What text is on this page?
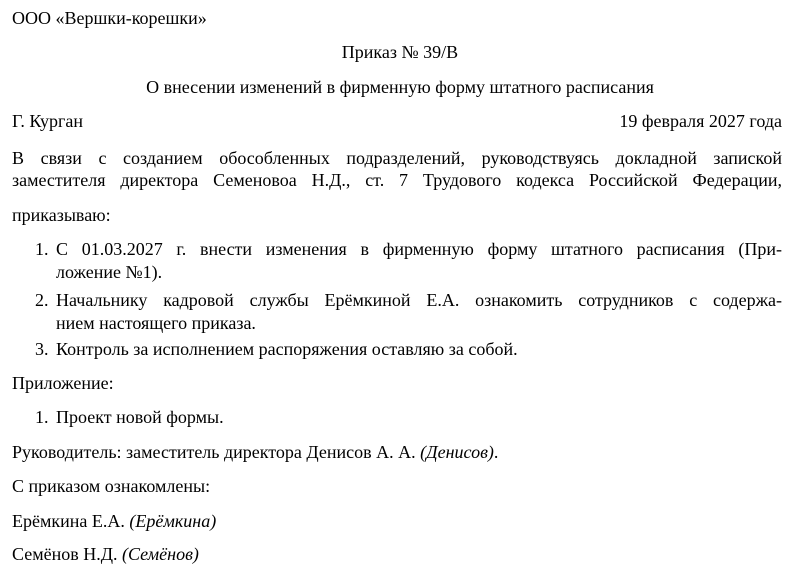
ООО «Вершки-корешки»
Приказ № 39/В
О внесении изменений в фирменную форму штатного расписания
Г. Курган	19 февраля 2027 года
В связи с созданием обособленных подразделений, руководствуясь докладной запиской
заместителя директора Семеновоа Н.Д., ст. 7 Трудового кодекса Российской Федерации,
приказываю:
1. С 01.03.2027 г. внести изменения в фирменную форму штатного расписания (При-
ложение №1).
2. Начальнику кадровой службы Ерёмкиной Е.А. ознакомить сотрудников с содержа-
нием настоящего приказа.
3. Контроль за исполнением распоряжения оставляю за собой.
Приложение:
1. Проект новой формы.
Руководитель: заместитель директора Денисов А. А. (Денисов).
С приказом ознакомлены:
Ерёмкина Е.А. (Ерёмкина)
Семёнов Н.Д. (Семёнов)
